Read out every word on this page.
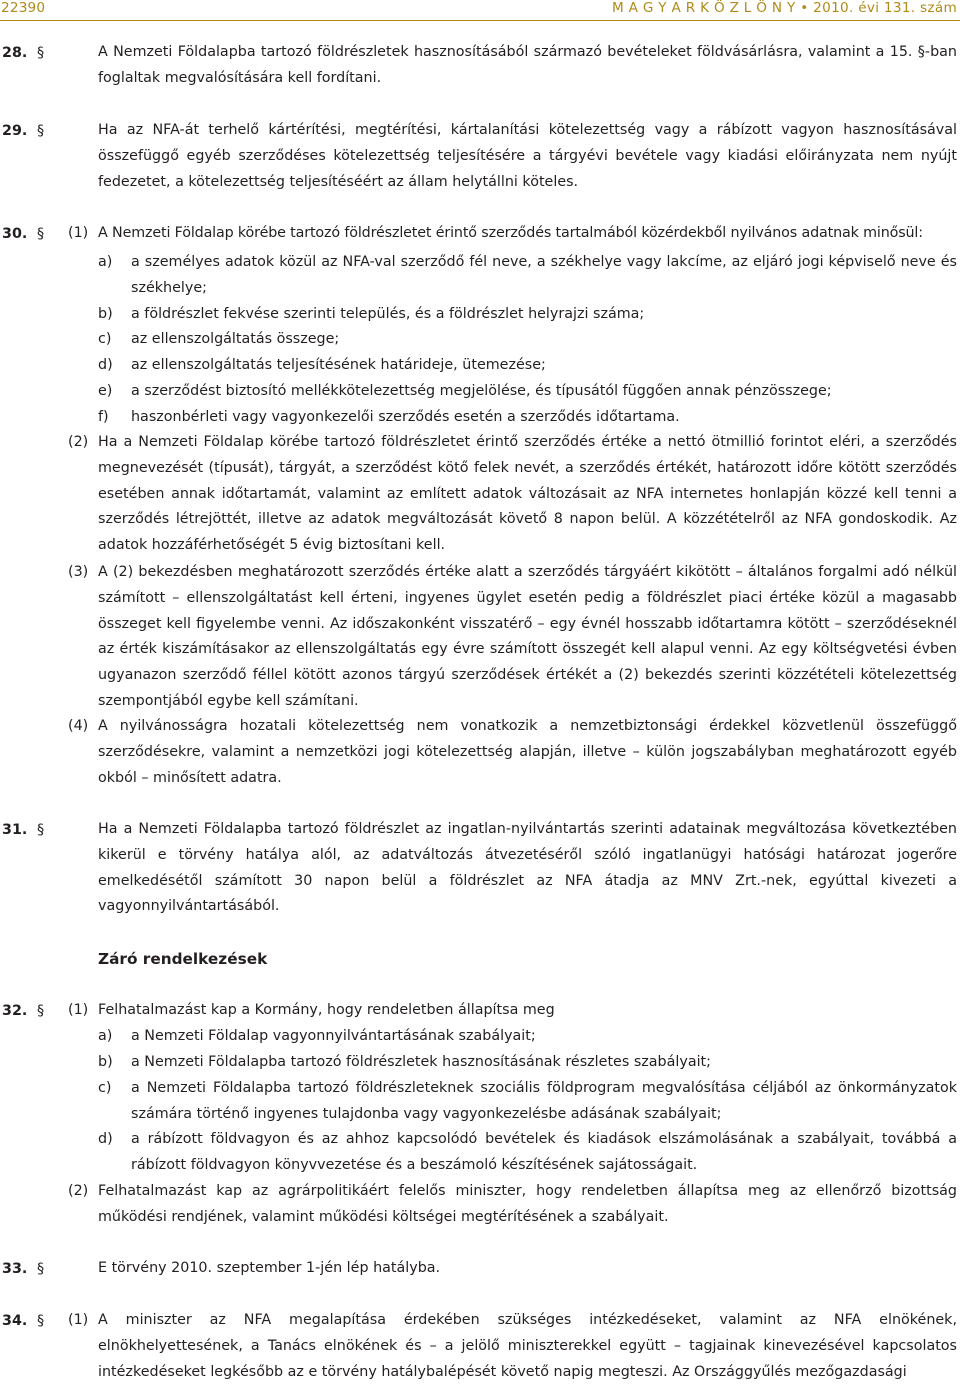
22390	M A G Y A R K Ö Z L Ö N Y • 2010. évi 131. szám
28. §	A Nemzeti Földalapba tartozó földrészletek hasznosításából származó bevételeket földvásárlásra, valamint a 15. §-ban foglaltak megvalósítására kell fordítani.
29. §	Ha az NFA-át terhelő kártérítési, megtérítési, kártalanítási kötelezettség vagy a rábízott vagyon hasznosításával összefüggő egyéb szerződéses kötelezettség teljesítésére a tárgyévi bevétele vagy kiadási előirányzata nem nyújt fedezetet, a kötelezettség teljesítéséért az állam helytállni köteles.
30. § (1) A Nemzeti Földalap körébe tartozó földrészletet érintő szerződés tartalmából közérdekből nyilvános adatnak minősül:
a) a személyes adatok közül az NFA-val szerződő fél neve, a székhelye vagy lakcíme, az eljáró jogi képviselő neve és székhelye;
b) a földrészlet fekvése szerinti település, és a földrészlet helyrajzi száma;
c) az ellenszolgáltatás összege;
d) az ellenszolgáltatás teljesítésének határideje, ütemezése;
e) a szerződést biztosító mellékkötelezettség megjelölése, és típusától függően annak pénzösszege;
f) haszonbérleti vagy vagyonkezelői szerződés esetén a szerződés időtartama.
(2) Ha a Nemzeti Földalap körébe tartozó földrészletet érintő szerződés értéke a nettó ötmillió forintot eléri, a szerződés megnevezését (típusát), tárgyát, a szerződést kötő felek nevét, a szerződés értékét, határozott időre kötött szerződés esetében annak időtartamát, valamint az említett adatok változásait az NFA internetes honlapján közzé kell tenni a szerződés létrejöttét, illetve az adatok megváltozását követő 8 napon belül. A közzétételről az NFA gondoskodik. Az adatok hozzáférhetőségét 5 évig biztosítani kell.
(3) A (2) bekezdésben meghatározott szerződés értéke alatt a szerződés tárgyáért kikötött – általános forgalmi adó nélkül számított – ellenszolgáltatást kell érteni, ingyenes ügylet esetén pedig a földrészlet piaci értéke közül a magasabb összeget kell figyelembe venni. Az időszakonként visszatérő – egy évnél hosszabb időtartamra kötött – szerződéseknél az érték kiszámításakor az ellenszolgáltatás egy évre számított összegét kell alapul venni. Az egy költségvetési évben ugyanazon szerződő féllel kötött azonos tárgyú szerződések értékét a (2) bekezdés szerinti közzétételi kötelezettség szempontjából egybe kell számítani.
(4) A nyilvánosságra hozatali kötelezettség nem vonatkozik a nemzetbiztonsági érdekkel közvetlenül összefüggő szerződésekre, valamint a nemzetközi jogi kötelezettség alapján, illetve – külön jogszabályban meghatározott egyéb okból – minősített adatra.
31. §	Ha a Nemzeti Földalapba tartozó földrészlet az ingatlan-nyilvántartás szerinti adatainak megváltozása következtében kikerül e törvény hatálya alól, az adatváltozás átvezetéséről szóló ingatlanügyi hatósági határozat jogerőre emelkedésétől számított 30 napon belül a földrészlet az NFA átadja az MNV Zrt.-nek, egyúttal kivezeti a vagyonnyilvántartásából.
Záró rendelkezések
32. § (1) Felhatalmazást kap a Kormány, hogy rendeletben állapítsa meg
a) a Nemzeti Földalap vagyonnyilvántartásának szabályait;
b) a Nemzeti Földalapba tartozó földrészletek hasznosításának részletes szabályait;
c) a Nemzeti Földalapba tartozó földrészleteknek szociális földprogram megvalósítása céljából az önkormányzatok számára történő ingyenes tulajdonba vagy vagyonkezelésbe adásának szabályait;
d) a rábízott földvagyon és az ahhoz kapcsolódó bevételek és kiadások elszámolásának a szabályait, továbbá a rábízott földvagyon könyvvezetése és a beszámoló készítésének sajátosságait.
(2) Felhatalmazást kap az agrárpolitikáért felelős miniszter, hogy rendeletben állapítsa meg az ellenőrző bizottság működési rendjének, valamint működési költségei megtérítésének a szabályait.
33. §	E törvény 2010. szeptember 1-jén lép hatályba.
34. § (1) A miniszter az NFA megalapítása érdekében szükséges intézkedéseket, valamint az NFA elnökének, elnökhelyettesének, a Tanács elnökének és – a jelölő miniszterekkel együtt – tagjainak kinevezésével kapcsolatos intézkedéseket legkésőbb az e törvény hatálybalépését követő napig megteszi. Az Országgyűlés mezőgazdasági
